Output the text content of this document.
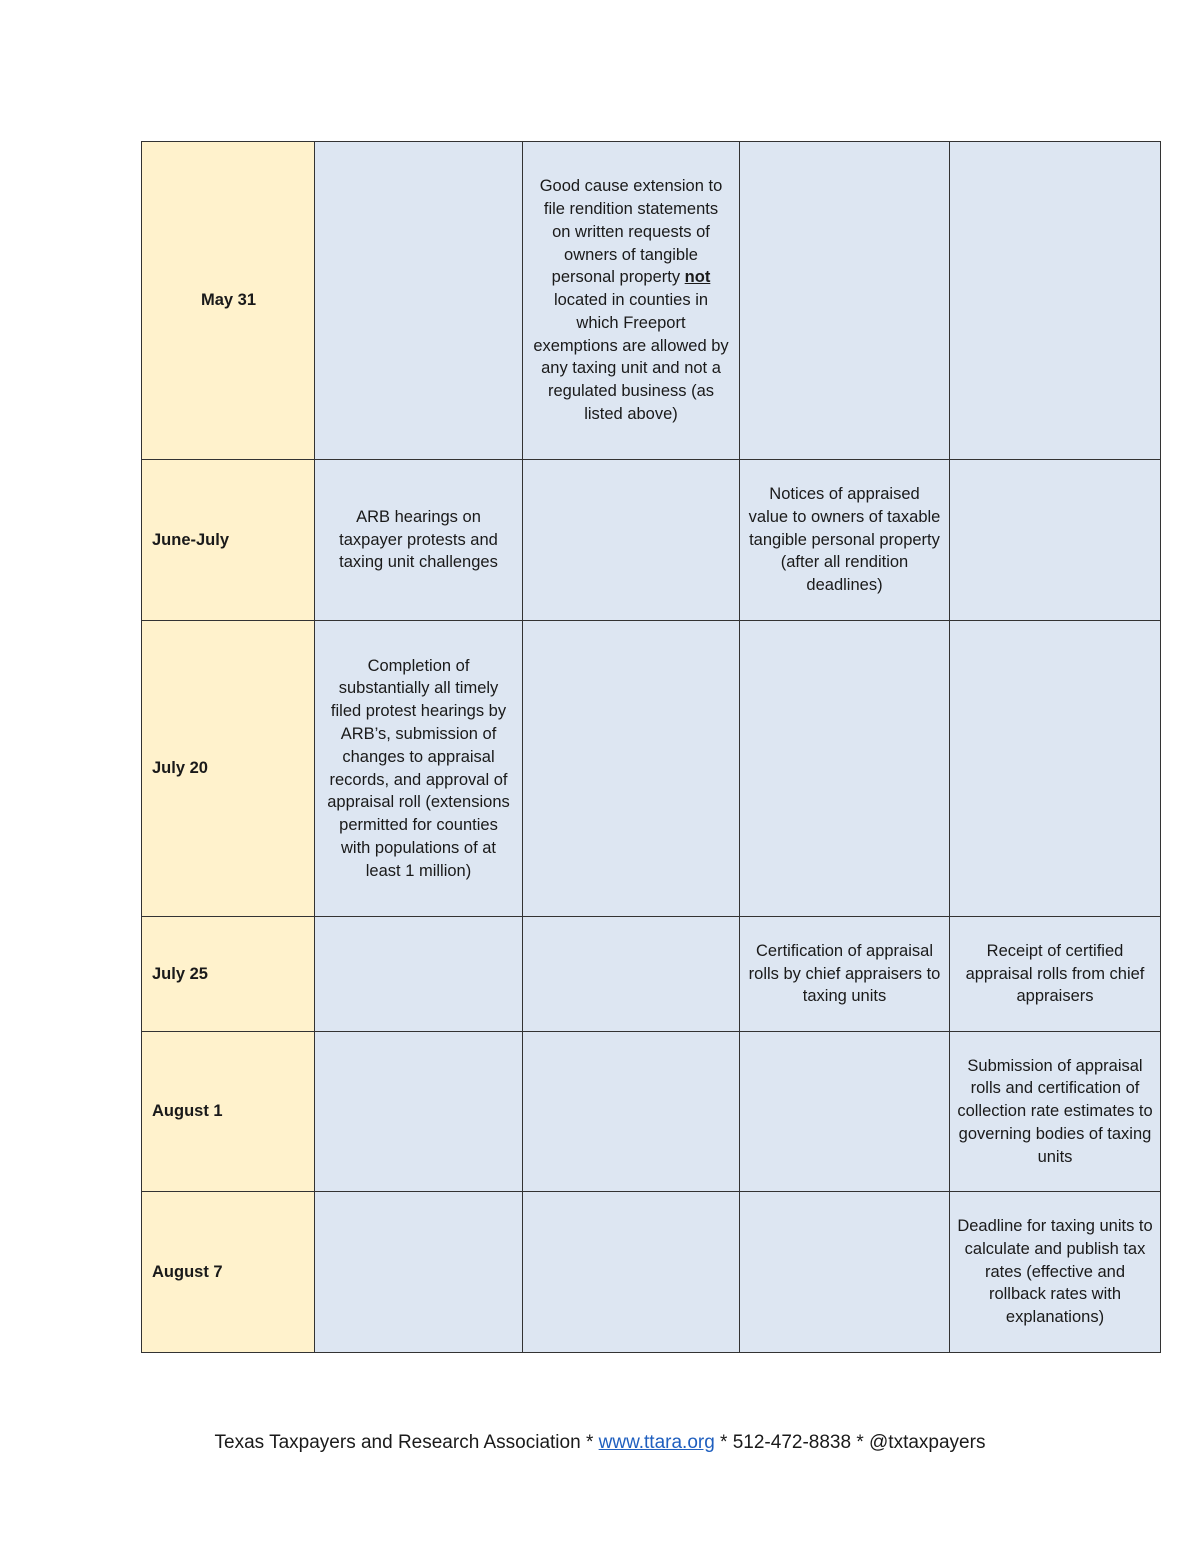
May 31		Good cause extension to file rendition statements on written requests of owners of tangible personal property not located in counties in which Freeport exemptions are allowed by any taxing unit and not a regulated business (as listed above)		
June-July	ARB hearings on taxpayer protests and taxing unit challenges		Notices of appraised value to owners of taxable tangible personal property (after all rendition deadlines)	
July 20	Completion of substantially all timely filed protest hearings by ARB’s, submission of changes to appraisal records, and approval of appraisal roll (extensions permitted for counties with populations of at least 1 million)			
July 25			Certification of appraisal rolls by chief appraisers to taxing units	Receipt of certified appraisal rolls from chief appraisers
August 1				Submission of appraisal rolls and certification of collection rate estimates to governing bodies of taxing units
August 7				Deadline for taxing units to calculate and publish tax rates (effective and rollback rates with explanations)
Texas Taxpayers and Research Association * www.ttara.org * 512-472-8838 * @txtaxpayers
